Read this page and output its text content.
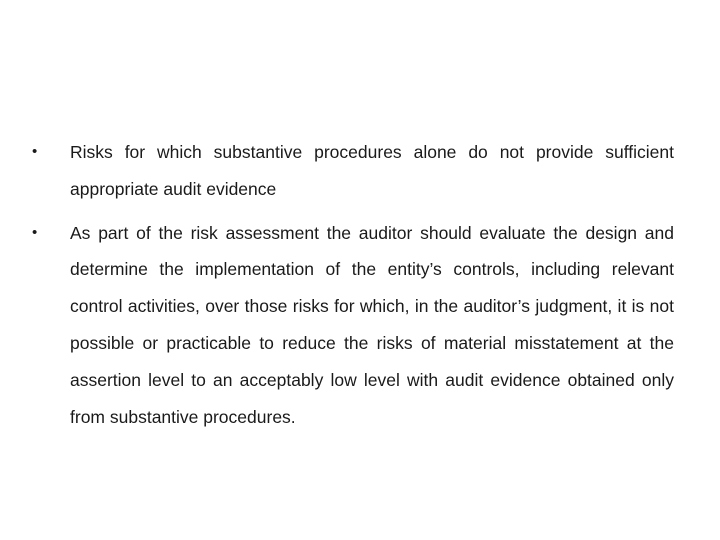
• Risks for which substantive procedures alone do not provide sufficient appropriate audit evidence
• As part of the risk assessment the auditor should evaluate the design and determine the implementation of the entity’s controls, including relevant control activities, over those risks for which, in the auditor’s judgment, it is not possible or practicable to reduce the risks of material misstatement at the assertion level to an acceptably low level with audit evidence obtained only from substantive procedures.
